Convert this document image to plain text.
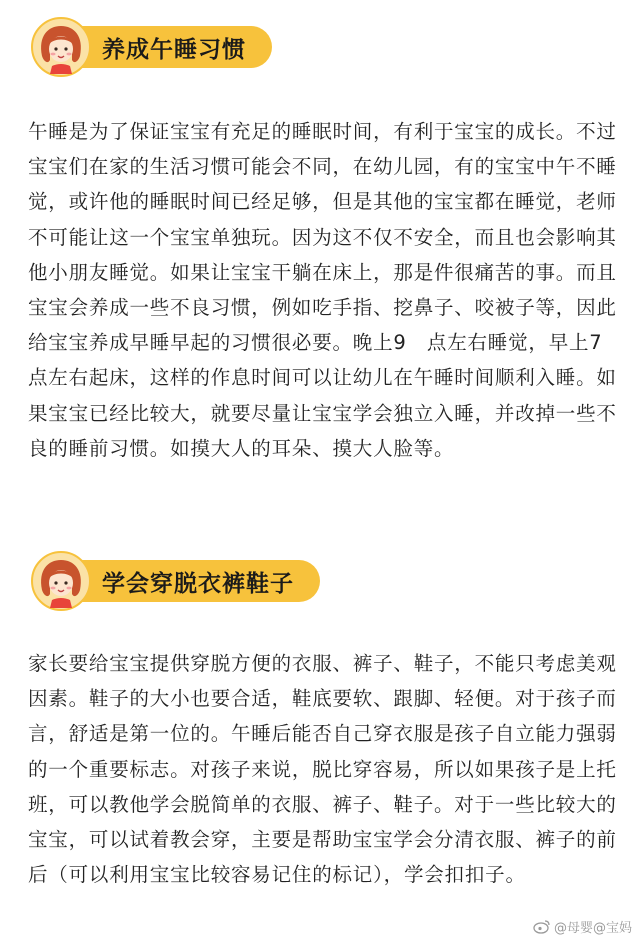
养成午睡习惯

午睡是为了保证宝宝有充足的睡眠时间，有利于宝宝的成长。不过宝宝们在家的生活习惯可能会不同，在幼儿园，有的宝宝中午不睡觉，或许他的睡眠时间已经足够，但是其他的宝宝都在睡觉，老师不可能让这一个宝宝单独玩。因为这不仅不安全，而且也会影响其他小朋友睡觉。如果让宝宝干躺在床上，那是件很痛苦的事。而且宝宝会养成一些不良习惯，例如吃手指、挖鼻子、咬被子等，因此给宝宝养成早睡早起的习惯很必要。晚上9　点左右睡觉，早上7　点左右起床，这样的作息时间可以让幼儿在午睡时间顺利入睡。如果宝宝已经比较大，就要尽量让宝宝学会独立入睡，并改掉一些不良的睡前习惯。如摸大人的耳朵、摸大人脸等。

学会穿脱衣裤鞋子

家长要给宝宝提供穿脱方便的衣服、裤子、鞋子，不能只考虑美观因素。鞋子的大小也要合适，鞋底要软、跟脚、轻便。对于孩子而言，舒适是第一位的。午睡后能否自己穿衣服是孩子自立能力强弱的一个重要标志。对孩子来说，脱比穿容易，所以如果孩子是上托班，可以教他学会脱简单的衣服、裤子、鞋子。对于一些比较大的宝宝，可以试着教会穿，主要是帮助宝宝学会分清衣服、裤子的前后（可以利用宝宝比较容易记住的标记），学会扣扣子。

@母婴@宝妈
